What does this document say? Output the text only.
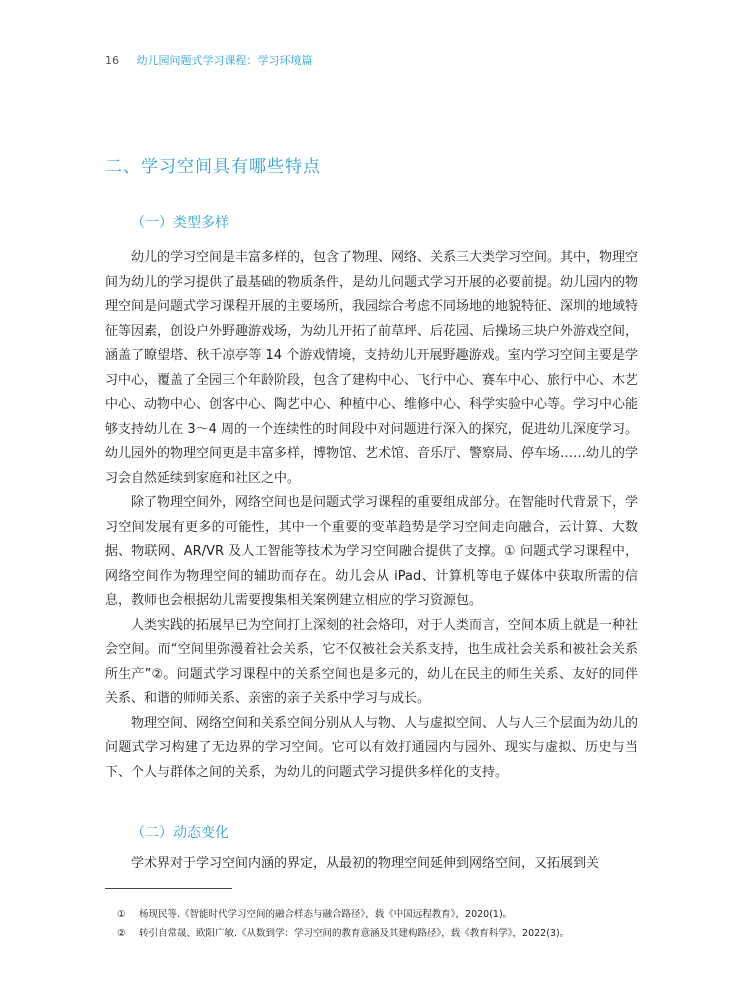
16 幼儿园问题式学习课程：学习环境篇
二、学习空间具有哪些特点
（一）类型多样

幼儿的学习空间是丰富多样的，包含了物理、网络、关系三大类学习空间。其中，物理空间为幼儿的学习提供了最基础的物质条件，是幼儿问题式学习开展的必要前提。幼儿园内的物理空间是问题式学习课程开展的主要场所，我园综合考虑不同场地的地貌特征、深圳的地域特征等因素，创设户外野趣游戏场，为幼儿开拓了前草坪、后花园、后操场三块户外游戏空间，涵盖了瞭望塔、秋千凉亭等 14 个游戏情境，支持幼儿开展野趣游戏。室内学习空间主要是学习中心，覆盖了全园三个年龄阶段，包含了建构中心、飞行中心、赛车中心、旅行中心、木艺中心、动物中心、创客中心、陶艺中心、种植中心、维修中心、科学实验中心等。学习中心能够支持幼儿在 3～4 周的一个连续性的时间段中对问题进行深入的探究，促进幼儿深度学习。幼儿园外的物理空间更是丰富多样，博物馆、艺术馆、音乐厅、警察局、停车场……幼儿的学习会自然延续到家庭和社区之中。

除了物理空间外，网络空间也是问题式学习课程的重要组成部分。在智能时代背景下，学习空间发展有更多的可能性，其中一个重要的变革趋势是学习空间走向融合，云计算、大数据、物联网、AR/VR 及人工智能等技术为学习空间融合提供了支撑。① 问题式学习课程中，网络空间作为物理空间的辅助而存在。幼儿会从 iPad、计算机等电子媒体中获取所需的信息，教师也会根据幼儿需要搜集相关案例建立相应的学习资源包。

人类实践的拓展早已为空间打上深刻的社会烙印，对于人类而言，空间本质上就是一种社会空间。而“空间里弥漫着社会关系，它不仅被社会关系支持，也生成社会关系和被社会关系所生产”②。问题式学习课程中的关系空间也是多元的，幼儿在民主的师生关系、友好的同伴关系、和谐的师师关系、亲密的亲子关系中学习与成长。

物理空间、网络空间和关系空间分别从人与物、人与虚拟空间、人与人三个层面为幼儿的问题式学习构建了无边界的学习空间。它可以有效打通园内与园外、现实与虚拟、历史与当下、个人与群体之间的关系，为幼儿的问题式学习提供多样化的支持。

（二）动态变化

学术界对于学习空间内涵的界定，从最初的物理空间延伸到网络空间，又拓展到关

① 杨现民等.《智能时代学习空间的融合样态与融合路径》，载《中国远程教育》，2020(1)。
② 转引自常晟、欧阳广敏.《从数到学：学习空间的教育意涵及其建构路径》，载《教育科学》，2022(3)。
